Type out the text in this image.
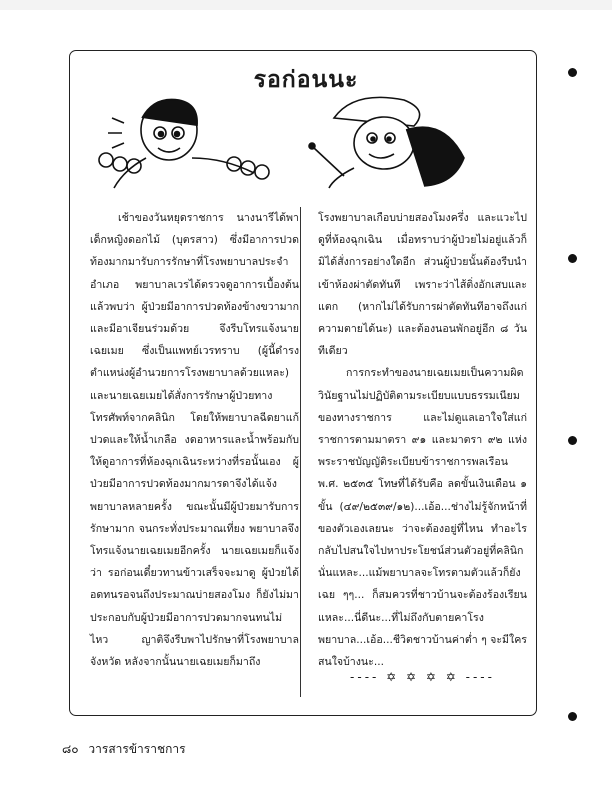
รอก่อนนะ

เช้าของวันหยุดราชการ นางนารีได้พาเด็กหญิงดอกไม้ (บุตรสาว) ซึ่งมีอาการปวดท้องมากมารับการรักษาที่โรงพยาบาลประจำอำเภอ พยาบาลเวรได้ตรวจดูอาการเบื้องต้นแล้วพบว่า ผู้ป่วยมีอาการปวดท้องข้างขวามาก และมีอาเจียนร่วมด้วย จึงรีบโทรแจ้งนายเฉยเมย ซึ่งเป็นแพทย์เวรทราบ (ผู้นี้ดำรงตำแหน่งผู้อำนวยการโรงพยาบาลด้วยแหละ) และนายเฉยเมยได้สั่งการรักษาผู้ป่วยทางโทรศัพท์จากคลินิก โดยให้พยาบาลฉีดยาแก้ปวดและให้น้ำเกลือ งดอาหารและน้ำพร้อมกับให้ดูอาการที่ห้องฉุกเฉินระหว่างที่รอนั้นเอง ผู้ป่วยมีอาการปวดท้องมากมารดาจึงได้แจ้งพยาบาลหลายครั้ง ขณะนั้นมีผู้ป่วยมารับการรักษามาก จนกระทั่งประมาณเที่ยง พยาบาลจึงโทรแจ้งนายเฉยเมยอีกครั้ง นายเฉยเมยก็แจ้งว่า รอก่อนเดี๋ยวทานข้าวเสร็จจะมาดู ผู้ป่วยได้อดทนรอจนถึงประมาณบ่ายสองโมง ก็ยังไม่มา ประกอบกับผู้ป่วยมีอาการปวดมากจนทนไม่ไหว ญาติจึงรีบพาไปรักษาที่โรงพยาบาลจังหวัด หลังจากนั้นนายเฉยเมยก็มาถึง

โรงพยาบาลเกือบบ่ายสองโมงครึ่ง และแวะไปดูที่ห้องฉุกเฉิน เมื่อทราบว่าผู้ป่วยไม่อยู่แล้วก็มิได้สั่งการอย่างใดอีก ส่วนผู้ป่วยนั้นต้องรีบนำเข้าห้องผ่าตัดทันที เพราะว่าไส้ติ่งอักเสบและแตก (หากไม่ได้รับการผ่าตัดทันทีอาจถึงแก่ความตายได้นะ) และต้องนอนพักอยู่อีก ๘ วันทีเดียว

การกระทำของนายเฉยเมยเป็นความผิดวินัยฐานไม่ปฏิบัติตามระเบียบแบบธรรมเนียมของทางราชการ และไม่ดูแลเอาใจใส่แก่ราชการตามมาตรา ๙๑ และมาตรา ๙๒ แห่งพระราชบัญญัติระเบียบข้าราชการพลเรือน พ.ศ. ๒๕๓๕ โทษที่ได้รับคือ ลดขั้นเงินเดือน ๑ ขั้น (๔๙/๒๕๓๙/๑๒)...เอ้อ...ช่างไม่รู้จักหน้าที่ของตัวเองเลยนะ ว่าจะต้องอยู่ที่ไหน ทำอะไร กลับไปสนใจไปหาประโยชน์ส่วนตัวอยู่ที่คลินิกนั่นแหละ...แม้พยาบาลจะโทรตามตัวแล้วก็ยังเฉย ๆๆ... ก็สมควรที่ชาวบ้านจะต้องร้องเรียนแหละ...นี่ดีนะ...ที่ไม่ถึงกับตายคาโรงพยาบาล...เอ้อ...ชีวิตชาวบ้านค่าต่ำ ๆ จะมีใครสนใจบ้างนะ...

---- ✡ ✡ ✡ ✡ ----
๘๐ วารสารข้าราชการ
